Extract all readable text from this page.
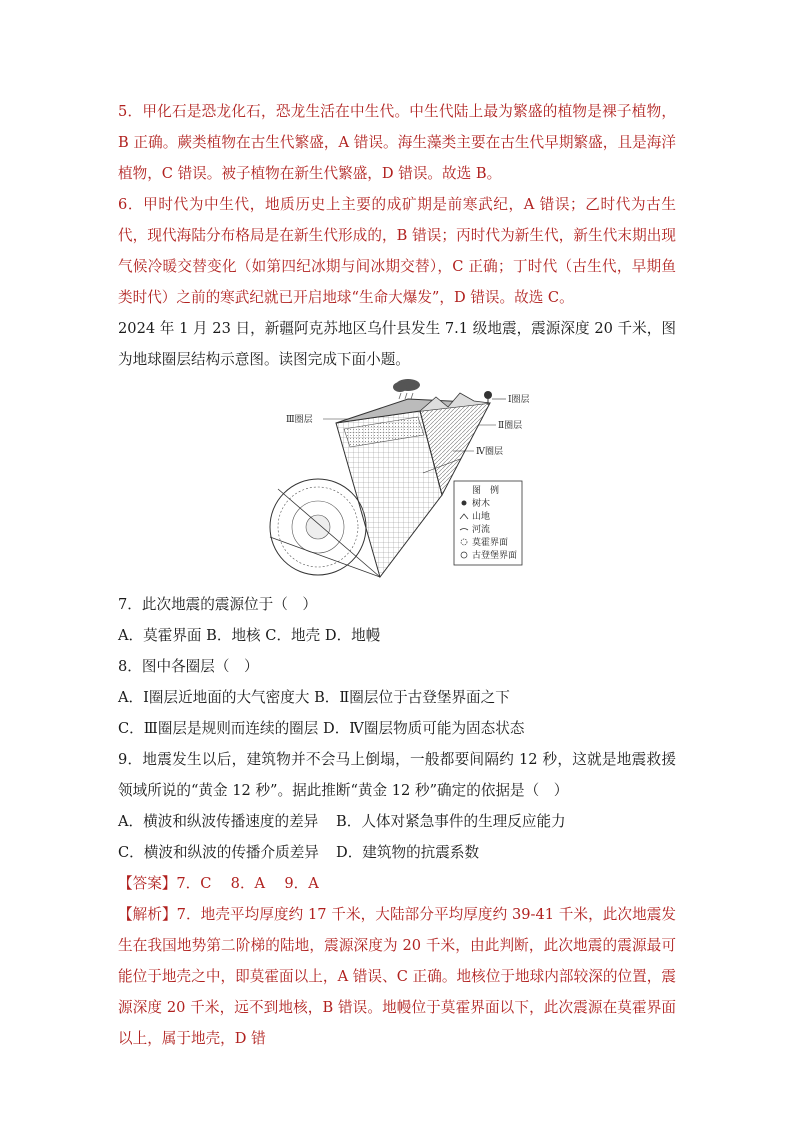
5．甲化石是恐龙化石，恐龙生活在中生代。中生代陆上最为繁盛的植物是裸子植物，B 正确。蕨类植物在古生代繁盛，A 错误。海生藻类主要在古生代早期繁盛，且是海洋植物，C 错误。被子植物在新生代繁盛，D 错误。故选 B。

6．甲时代为中生代，地质历史上主要的成矿期是前寒武纪，A 错误；乙时代为古生代，现代海陆分布格局是在新生代形成的，B 错误；丙时代为新生代，新生代末期出现气候冷暖交替变化（如第四纪冰期与间冰期交替），C 正确；丁时代（古生代，早期鱼类时代）之前的寒武纪就已开启地球“生命大爆发”，D 错误。故选 C。

2024 年 1 月 23 日，新疆阿克苏地区乌什县发生 7.1 级地震，震源深度 20 千米，图为地球圈层结构示意图。读图完成下面小题。

Ⅰ圈层
Ⅱ圈层
Ⅲ圈层
Ⅳ圈层
图　例
树木
山地
河流
莫霍界面
古登堡界面

7．此次地震的震源位于（　）

A．莫霍界面 B．地核 C．地壳 D．地幔

8．图中各圈层（　）

A．Ⅰ圈层近地面的大气密度大 B．Ⅱ圈层位于古登堡界面之下

C．Ⅲ圈层是规则而连续的圈层 D．Ⅳ圈层物质可能为固态状态

9．地震发生以后，建筑物并不会马上倒塌，一般都要间隔约 12 秒，这就是地震救援领域所说的“黄金 12 秒”。据此推断“黄金 12 秒”确定的依据是（　）

A．横波和纵波传播速度的差异	B．人体对紧急事件的生理反应能力

C．横波和纵波的传播介质差异	D．建筑物的抗震系数

【答案】7．C　 8．A　 9．A

【解析】7．地壳平均厚度约 17 千米，大陆部分平均厚度约 39-41 千米，此次地震发生在我国地势第二阶梯的陆地，震源深度为 20 千米，由此判断，此次地震的震源最可能位于地壳之中，即莫霍面以上，A 错误、C 正确。地核位于地球内部较深的位置，震源深度 20 千米，远不到地核，B 错误。地幔位于莫霍界面以下，此次震源在莫霍界面以上，属于地壳，D 错
